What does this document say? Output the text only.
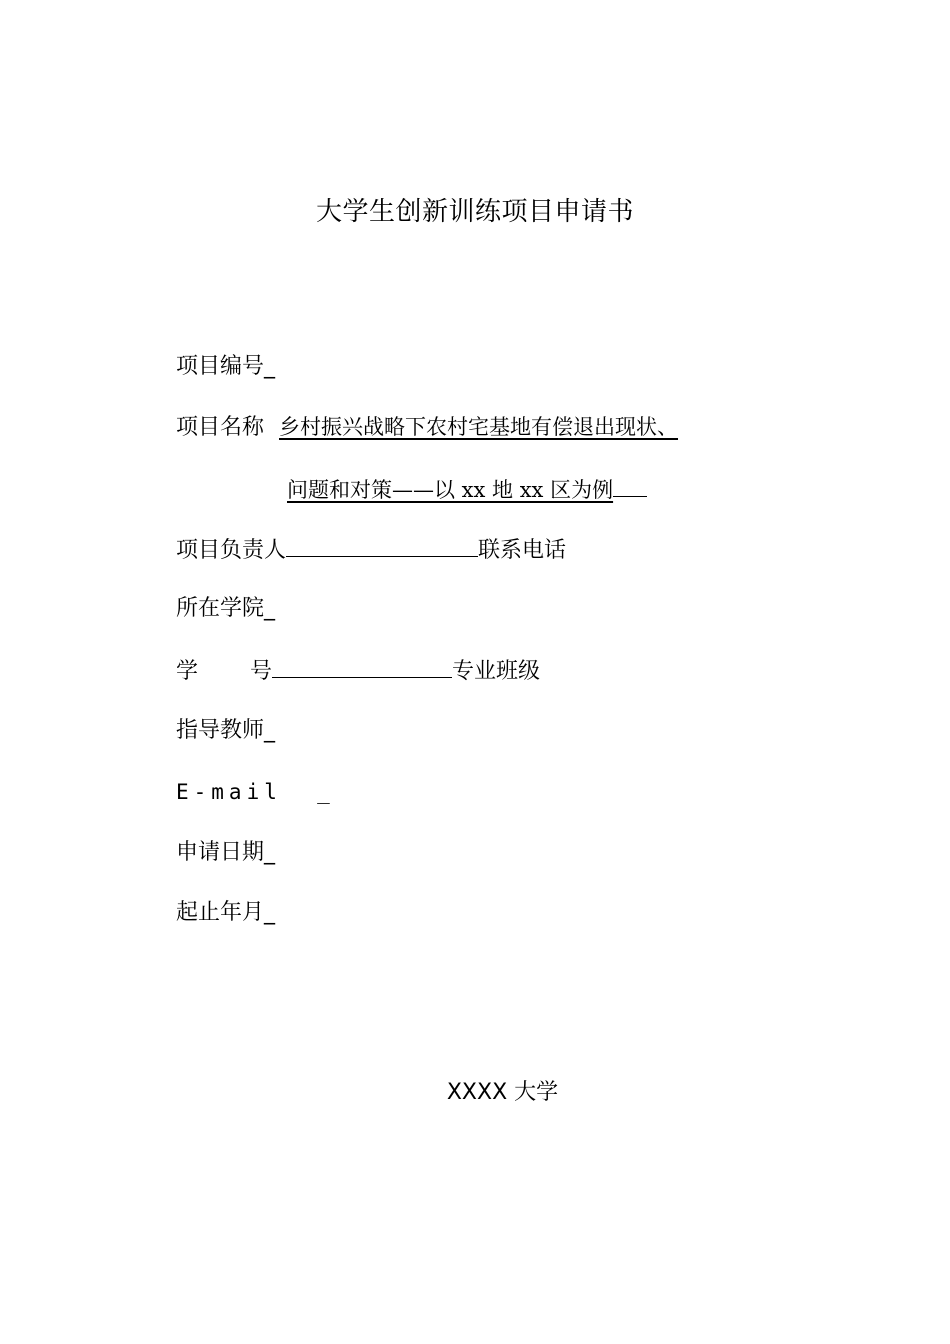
大学生创新训练项目申请书
项目编号_
项目名称 乡村振兴战略下农村宅基地有偿退出现状、
问题和对策——以 xx 地 xx 区为例
项目负责人	联系电话
所在学院_
学 号	专业班级
指导教师_
E-mail  _
申请日期_
起止年月_
XXXX 大学
